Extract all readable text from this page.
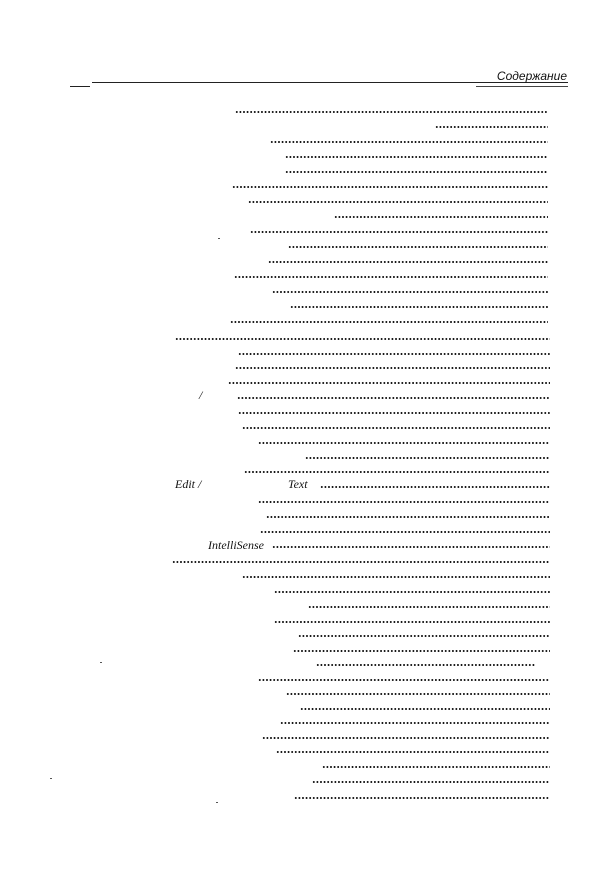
Содержание
/
Edit /	Text
IntelliSense
